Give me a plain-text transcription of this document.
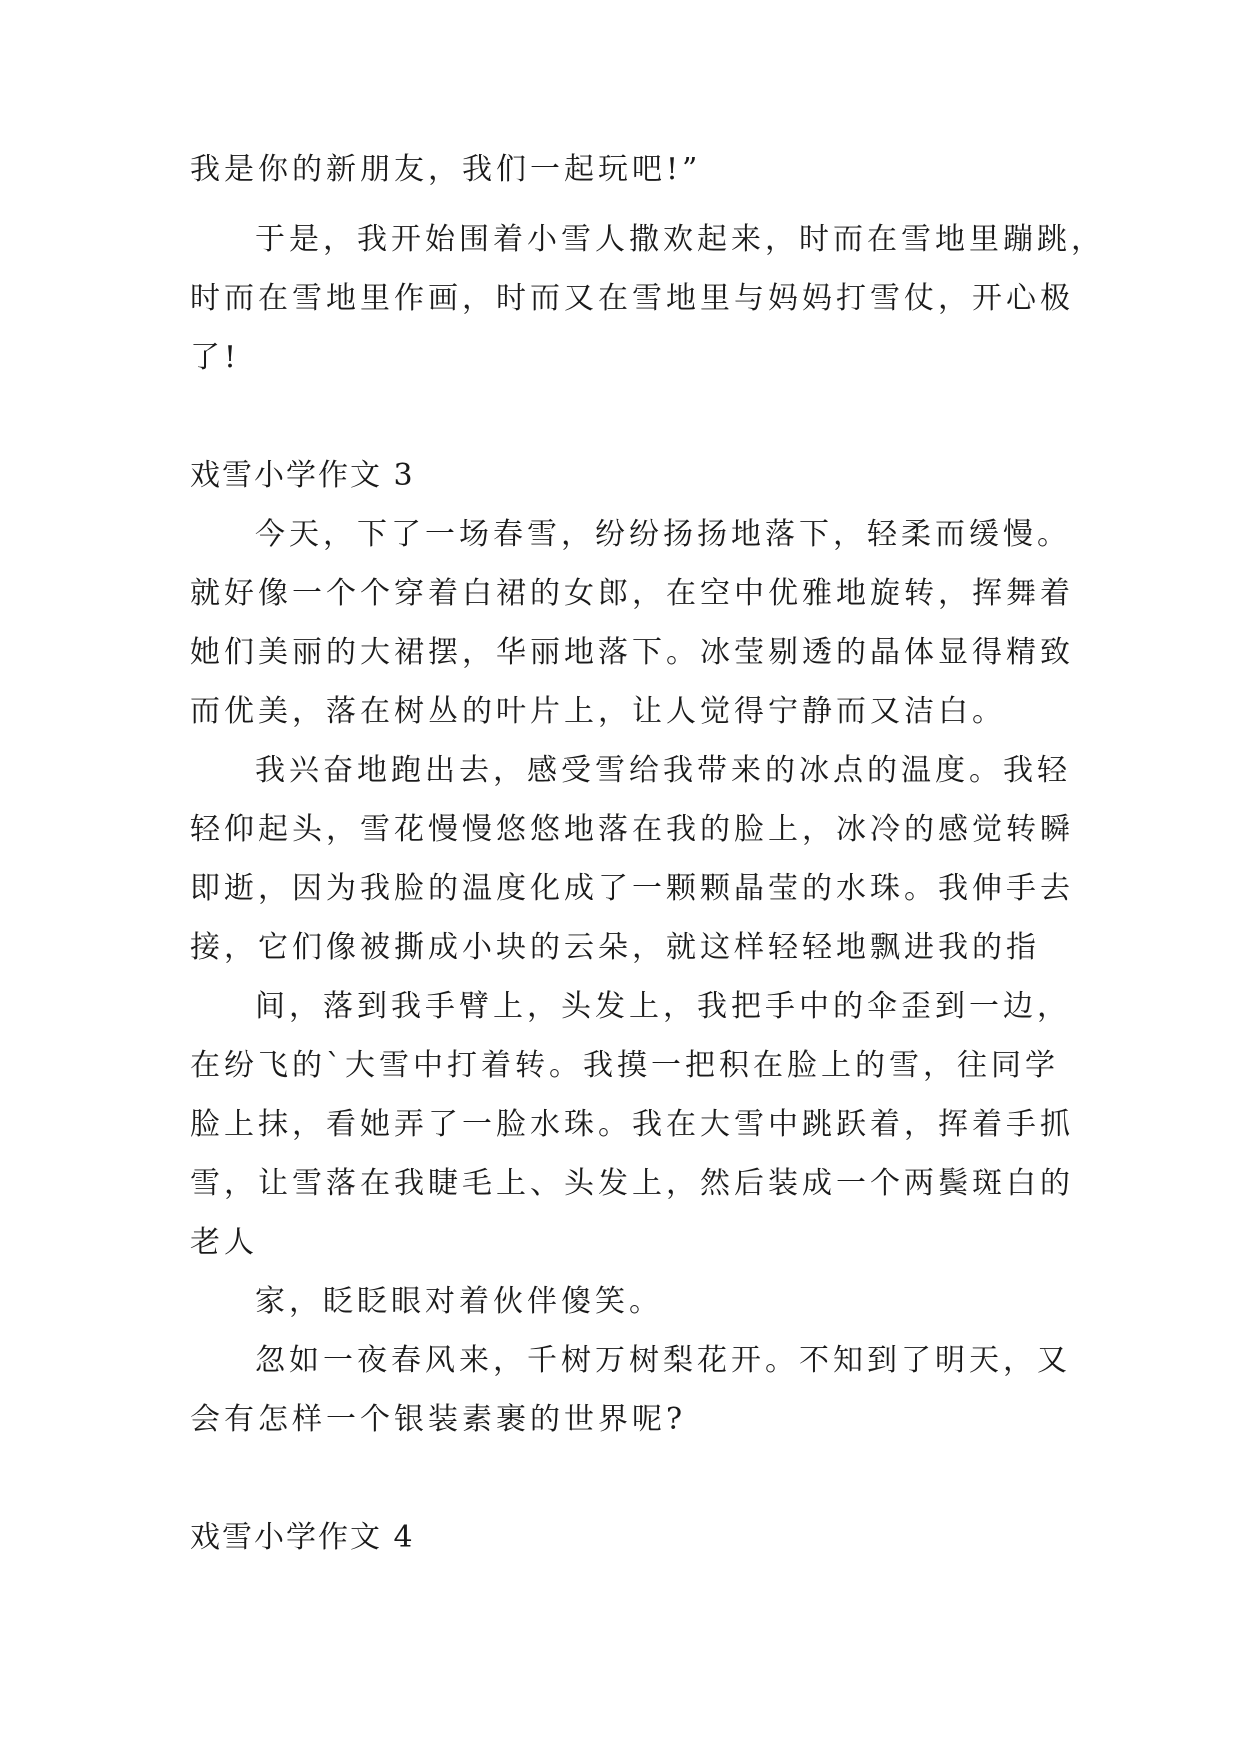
我是你的新朋友，我们一起玩吧!”
于是，我开始围着小雪人撒欢起来，时而在雪地里蹦跳，
时而在雪地里作画，时而又在雪地里与妈妈打雪仗，开心极
了!
戏雪小学作文 3
今天，下了一场春雪，纷纷扬扬地落下，轻柔而缓慢。
就好像一个个穿着白裙的女郎，在空中优雅地旋转，挥舞着
她们美丽的大裙摆，华丽地落下。冰莹剔透的晶体显得精致
而优美，落在树丛的叶片上，让人觉得宁静而又洁白。
我兴奋地跑出去，感受雪给我带来的冰点的温度。我轻
轻仰起头，雪花慢慢悠悠地落在我的脸上，冰冷的感觉转瞬
即逝，因为我脸的温度化成了一颗颗晶莹的水珠。我伸手去
接，它们像被撕成小块的云朵，就这样轻轻地飘进我的指
间，落到我手臂上，头发上，我把手中的伞歪到一边，
在纷飞的`大雪中打着转。我摸一把积在脸上的雪，往同学
脸上抹，看她弄了一脸水珠。我在大雪中跳跃着，挥着手抓
雪，让雪落在我睫毛上、头发上，然后装成一个两鬓斑白的
老人
家，眨眨眼对着伙伴傻笑。
忽如一夜春风来，千树万树梨花开。不知到了明天，又
会有怎样一个银装素裹的世界呢?
戏雪小学作文 4
